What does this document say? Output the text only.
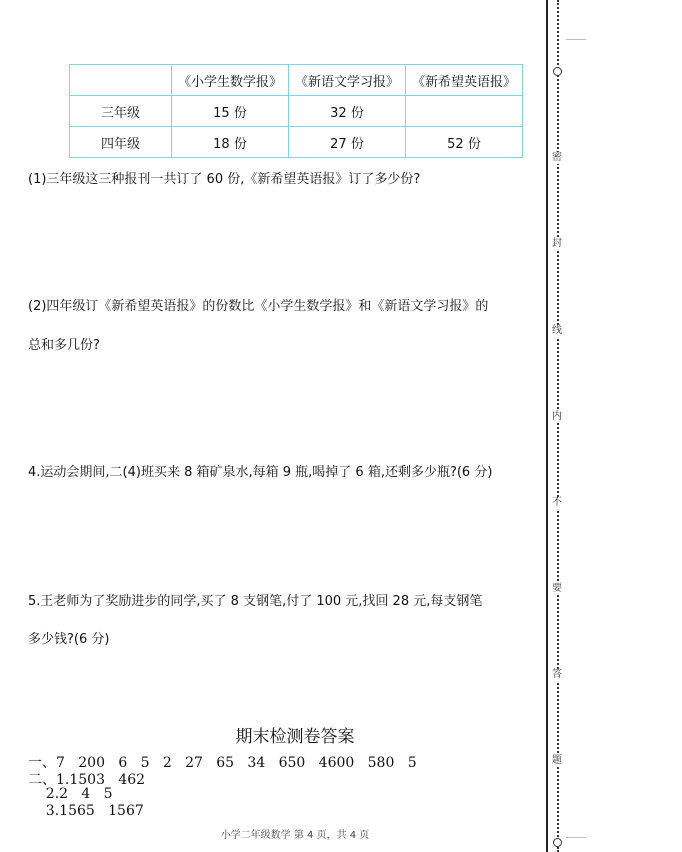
	《小学生数学报》	《新语文学习报》	《新希望英语报》
三年级	15 份	32 份	
四年级	18 份	27 份	52 份
(1)三年级这三种报刊一共订了 60 份,《新希望英语报》订了多少份?
(2)四年级订《新希望英语报》的份数比《小学生数学报》和《新语文学习报》的
总和多几份?
4.运动会期间,二(4)班买来 8 箱矿泉水,每箱 9 瓶,喝掉了 6 箱,还剩多少瓶?(6 分)
5.王老师为了奖励进步的同学,买了 8 支钢笔,付了 100 元,找回 28 元,每支钢笔
多少钱?(6 分)
期末检测卷答案
一、7   200   6   5   2   27   65   34   650   4600   580   5
二、1.1503   462
2.2   4   5
3.1565   1567
小学二年级数学 第 4 页，共 4 页
密
封
线
内
不
要
答
题
